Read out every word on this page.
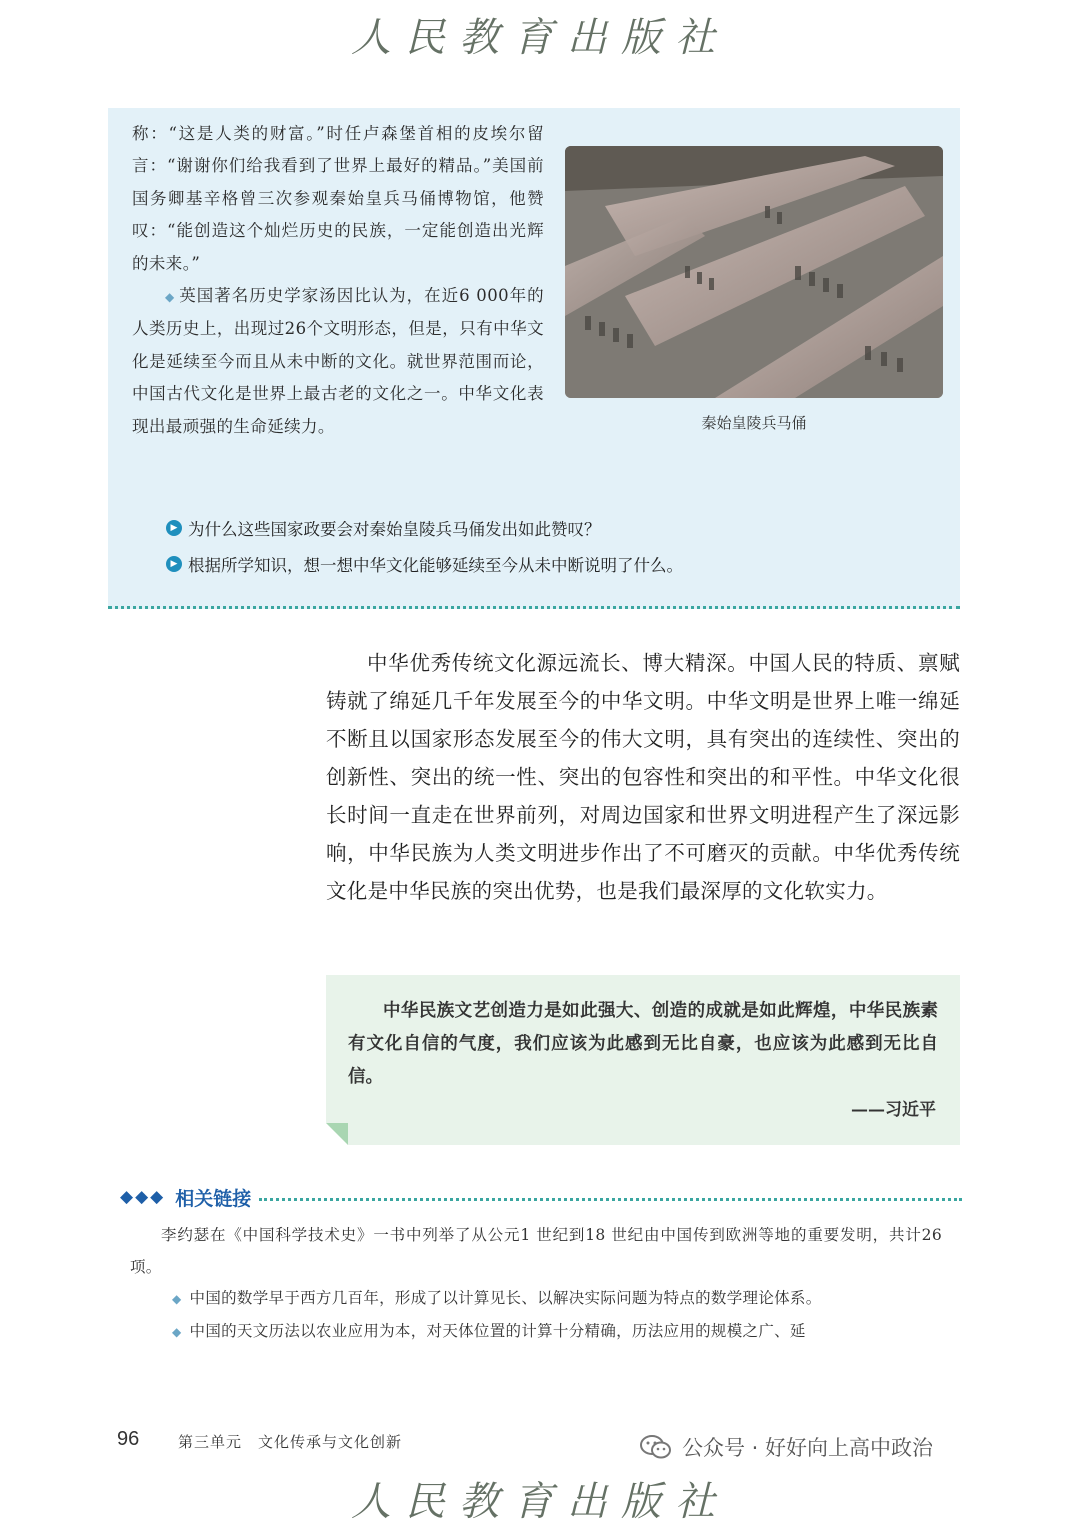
人民教育出版社

称：“这是人类的财富。”时任卢森堡首相的皮埃尔留言：“谢谢你们给我看到了世界上最好的精品。”美国前国务卿基辛格曾三次参观秦始皇兵马俑博物馆，他赞叹：“能创造这个灿烂历史的民族，一定能创造出光辉的未来。”

◆ 英国著名历史学家汤因比认为，在近6 000年的人类历史上，出现过26个文明形态，但是，只有中华文化是延续至今而且从未中断的文化。就世界范围而论，中国古代文化是世界上最古老的文化之一。中华文化表现出最顽强的生命延续力。	秦始皇陵兵马俑
▶ 为什么这些国家政要会对秦始皇陵兵马俑发出如此赞叹？
▶ 根据所学知识，想一想中华文化能够延续至今从未中断说明了什么。

中华优秀传统文化源远流长、博大精深。中国人民的特质、禀赋铸就了绵延几千年发展至今的中华文明。中华文明是世界上唯一绵延不断且以国家形态发展至今的伟大文明，具有突出的连续性、突出的创新性、突出的统一性、突出的包容性和突出的和平性。中华文化很长时间一直走在世界前列，对周边国家和世界文明进程产生了深远影响，中华民族为人类文明进步作出了不可磨灭的贡献。中华优秀传统文化是中华民族的突出优势，也是我们最深厚的文化软实力。

中华民族文艺创造力是如此强大、创造的成就是如此辉煌，中华民族素有文化自信的气度，我们应该为此感到无比自豪，也应该为此感到无比自信。

——习近平
◆◆◆ 相关链接

李约瑟在《中国科学技术史》一书中列举了从公元1 世纪到18 世纪由中国传到欧洲等地的重要发明，共计26 项。

◆ 中国的数学早于西方几百年，形成了以计算见长、以解决实际问题为特点的数学理论体系。

◆ 中国的天文历法以农业应用为本，对天体位置的计算十分精确，历法应用的规模之广、延

96	第三单元　文化传承与文化创新	公众号 · 好好向上高中政治
人民教育出版社
